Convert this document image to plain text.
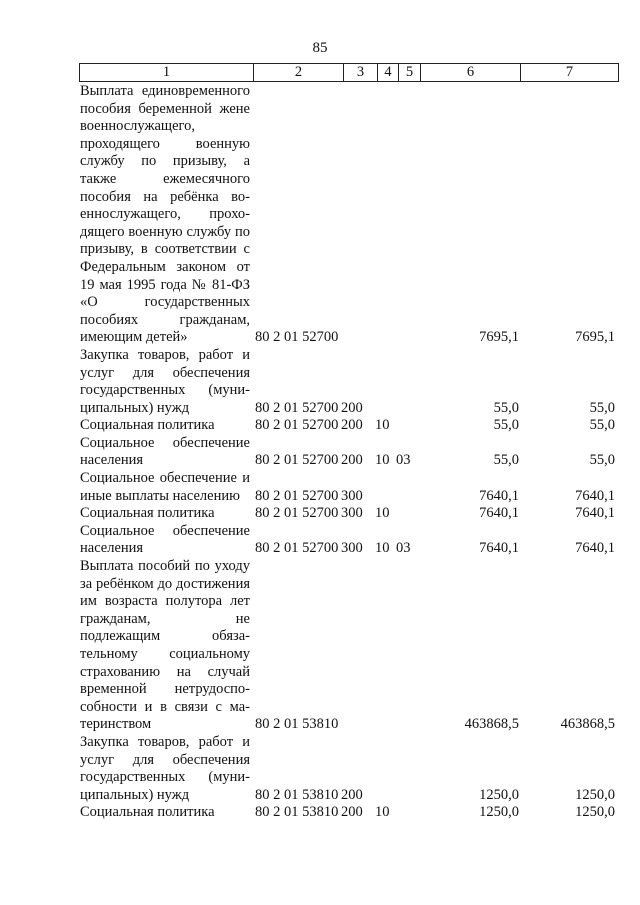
85
1	2	3	4	5	6	7
Выплата единовременного пособия беременной жене военнослужащего, проходящего военную службу по призыву, а также ежемесячного пособия на ребёнка военнослужащего, проходящего военную службу по призыву, в соответствии с Федеральным законом от 19 мая 1995 года № 81-ФЗ «О государственных пособиях гражданам, имеющим детей»	80 2 01 52700	7695,1	7695,1
Закупка товаров, работ и услуг для обеспечения государственных (муниципальных) нужд	80 2 01 52700 200	55,0	55,0
Социальная политика	80 2 01 52700 200 10	55,0	55,0
Социальное обеспечение населения	80 2 01 52700 200 10 03	55,0	55,0
Социальное обеспечение и иные выплаты населению	80 2 01 52700 300	7640,1	7640,1
Социальная политика	80 2 01 52700 300 10	7640,1	7640,1
Социальное обеспечение населения	80 2 01 52700 300 10 03	7640,1	7640,1
Выплата пособий по уходу за ребёнком до достижения им возраста полутора лет гражданам, не подлежащим обязательному социальному страхованию на случай временной нетрудоспособности и в связи с материнством	80 2 01 53810	463868,5	463868,5
Закупка товаров, работ и услуг для обеспечения государственных (муниципальных) нужд	80 2 01 53810 200	1250,0	1250,0
Социальная политика	80 2 01 53810 200 10	1250,0	1250,0
